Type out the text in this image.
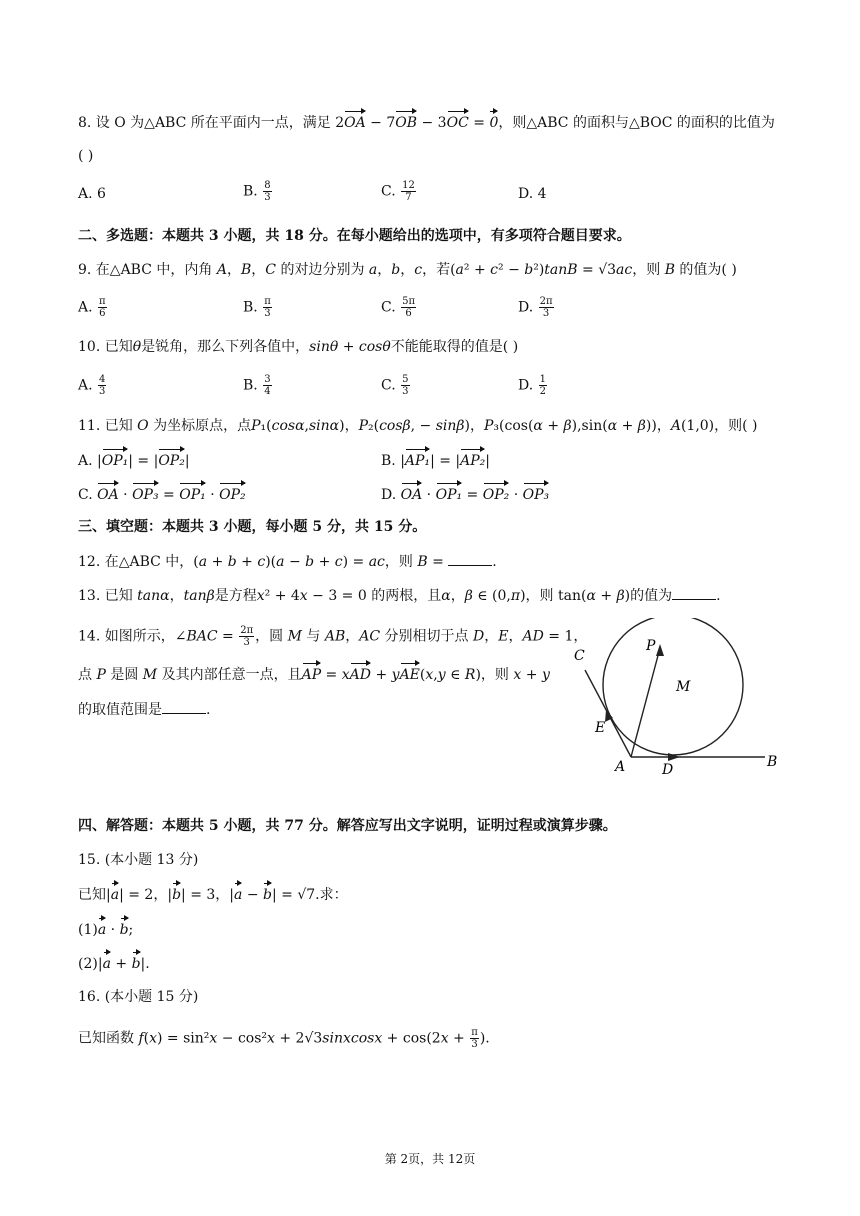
8. 设 O 为△ABC 所在平面内一点，满足 2OA − 7OB − 3OC = 0，则△ABC 的面积与△BOC 的面积的比值为
( )
A. 6	B. $\frac{8}{3}$	C. $\frac{12}{7}$	D. 4
二、多选题：本题共 3 小题，共 18 分。在每小题给出的选项中，有多项符合题目要求。
9. 在△ABC 中，内角 A，B，C 的对边分别为 a，b，c，若(a² + c² − b²)tanB = √3ac，则 B 的值为( )
A. $\frac{\pi}{6}$	B. $\frac{\pi}{3}$	C. $\frac{5\pi}{6}$	D. $\frac{2\pi}{3}$
10. 已知θ是锐角，那么下列各值中，sinθ + cosθ不能能取得的值是( )
A. $\frac{4}{3}$	B. $\frac{3}{4}$	C. $\frac{5}{3}$	D. $\frac{1}{2}$
11. 已知 O 为坐标原点，点P₁(cosα,sinα)，P₂(cosβ, − sinβ)，P₃(cos(α + β),sin(α + β))，A(1,0)，则( )
A. |OP₁| = |OP₂|	B. |AP₁| = |AP₂|
C. OA · OP₃ = OP₁ · OP₂	D. OA · OP₁ = OP₂ · OP₃
三、填空题：本题共 3 小题，每小题 5 分，共 15 分。
12. 在△ABC 中，(a + b + c)(a − b + c) = ac，则 B =	.
13. 已知 tanα，tanβ是方程x² + 4x − 3 = 0 的两根，且α，β ∈ (0,π)，则 tan(α + β)的值为	.
14. 如图所示，∠BAC = $\frac{2\pi}{3}$ ，圆 M 与 AB，AC 分别相切于点 D，E，AD = 1，
点 P 是圆 M 及其内部任意一点，且AP = xAD + yAE(x,y ∈ R)，则 x + y
的取值范围是	.
C
P
M
E
A	D	B
四、解答题：本题共 5 小题，共 77 分。解答应写出文字说明，证明过程或演算步骤。
15. (本小题 13 分)
已知|a| = 2，|b| = 3，|a − b| = √7.求：
(1)a · b;
(2)|a + b|.
16. (本小题 15 分)
已知函数 f(x) = sin²x − cos²x + 2√3sinxcosx + $\cos(2x + \frac{\pi}{3}$ ).
第 2页，共 12页
